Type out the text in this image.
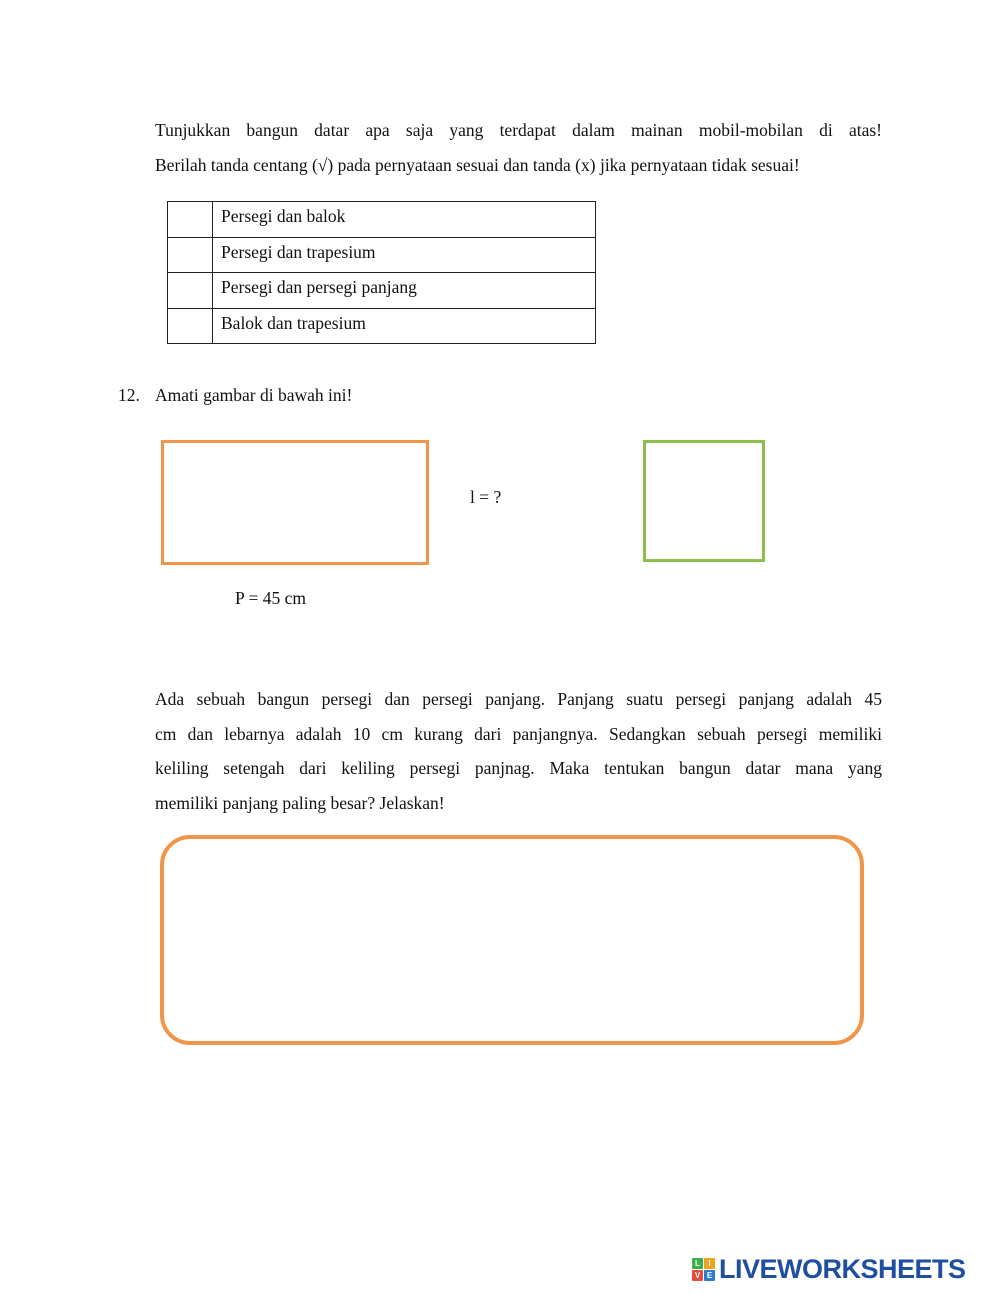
Tunjukkan bangun datar apa saja yang terdapat dalam mainan mobil-mobilan di atas!
Berilah tanda centang (√) pada pernyataan sesuai dan tanda (x) jika pernyataan tidak sesuai!

	Persegi dan balok
	Persegi dan trapesium
	Persegi dan persegi panjang
	Balok dan trapesium
12. Amati gambar di bawah ini!
l = ?
P = 45 cm

Ada sebuah bangun persegi dan persegi panjang. Panjang suatu persegi panjang adalah 45
cm dan lebarnya adalah 10 cm kurang dari panjangnya. Sedangkan sebuah persegi memiliki
keliling setengah dari keliling persegi panjnag. Maka tentukan bangun datar mana yang
memiliki panjang paling besar? Jelaskan!

L	I
V E LIVEWORKSHEETS
